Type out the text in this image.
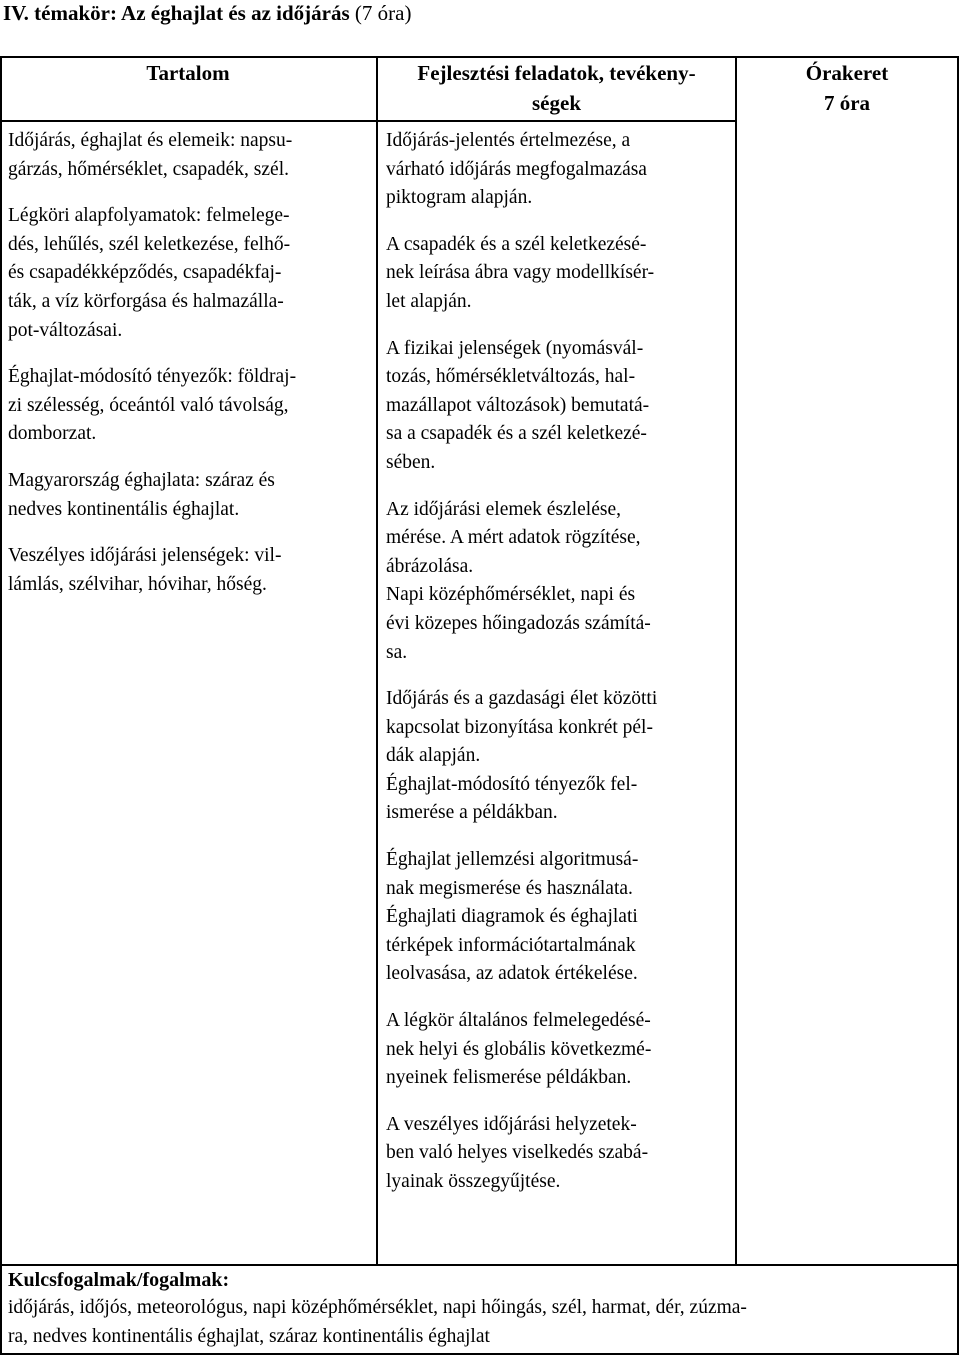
IV. témakör: Az éghajlat és az időjárás (7 óra)
Tartalom	Fejlesztési feladatok, tevékeny-
ségek
Órakeret
7 óra

Időjárás, éghajlat és elemeik: napsu-
gárzás, hőmérséklet, csapadék, szél.

Légköri alapfolyamatok: felmelege-
dés, lehűlés, szél keletkezése, felhő-
és csapadékképződés, csapadékfaj-
ták, a víz körforgása és halmazálla-
pot-változásai.

Éghajlat-módosító tényezők: földraj-
zi szélesség, óceántól való távolság,
domborzat.

Magyarország éghajlata: száraz és
nedves kontinentális éghajlat.

Veszélyes időjárási jelenségek: vil-
lámlás, szélvihar, hóvihar, hőség.

Időjárás-jelentés értelmezése, a
várható időjárás megfogalmazása
piktogram alapján.

A csapadék és a szél keletkezésé-
nek leírása ábra vagy modellkísér-
let alapján.

A fizikai jelenségek (nyomásvál-
tozás, hőmérsékletváltozás, hal-
mazállapot változások) bemutatá-
sa a csapadék és a szél keletkezé-
sében.

Az időjárási elemek észlelése,
mérése. A mért adatok rögzítése,
ábrázolása.
Napi középhőmérséklet, napi és
évi közepes hőingadozás számítá-
sa.

Időjárás és a gazdasági élet közötti
kapcsolat bizonyítása konkrét pél-
dák alapján.
Éghajlat-módosító tényezők fel-
ismerése a példákban.

Éghajlat jellemzési algoritmusá-
nak megismerése és használata.
Éghajlati diagramok és éghajlati
térképek információtartalmának
leolvasása, az adatok értékelése.

A légkör általános felmelegedésé-
nek helyi és globális következmé-
nyeinek felismerése példákban.

A veszélyes időjárási helyzetek-
ben való helyes viselkedés szabá-
lyainak összegyűjtése.

Kulcsfogalmak/fogalmak:
időjárás, időjós, meteorológus, napi középhőmérséklet, napi hőingás, szél, harmat, dér, zúzma-
ra, nedves kontinentális éghajlat, száraz kontinentális éghajlat
